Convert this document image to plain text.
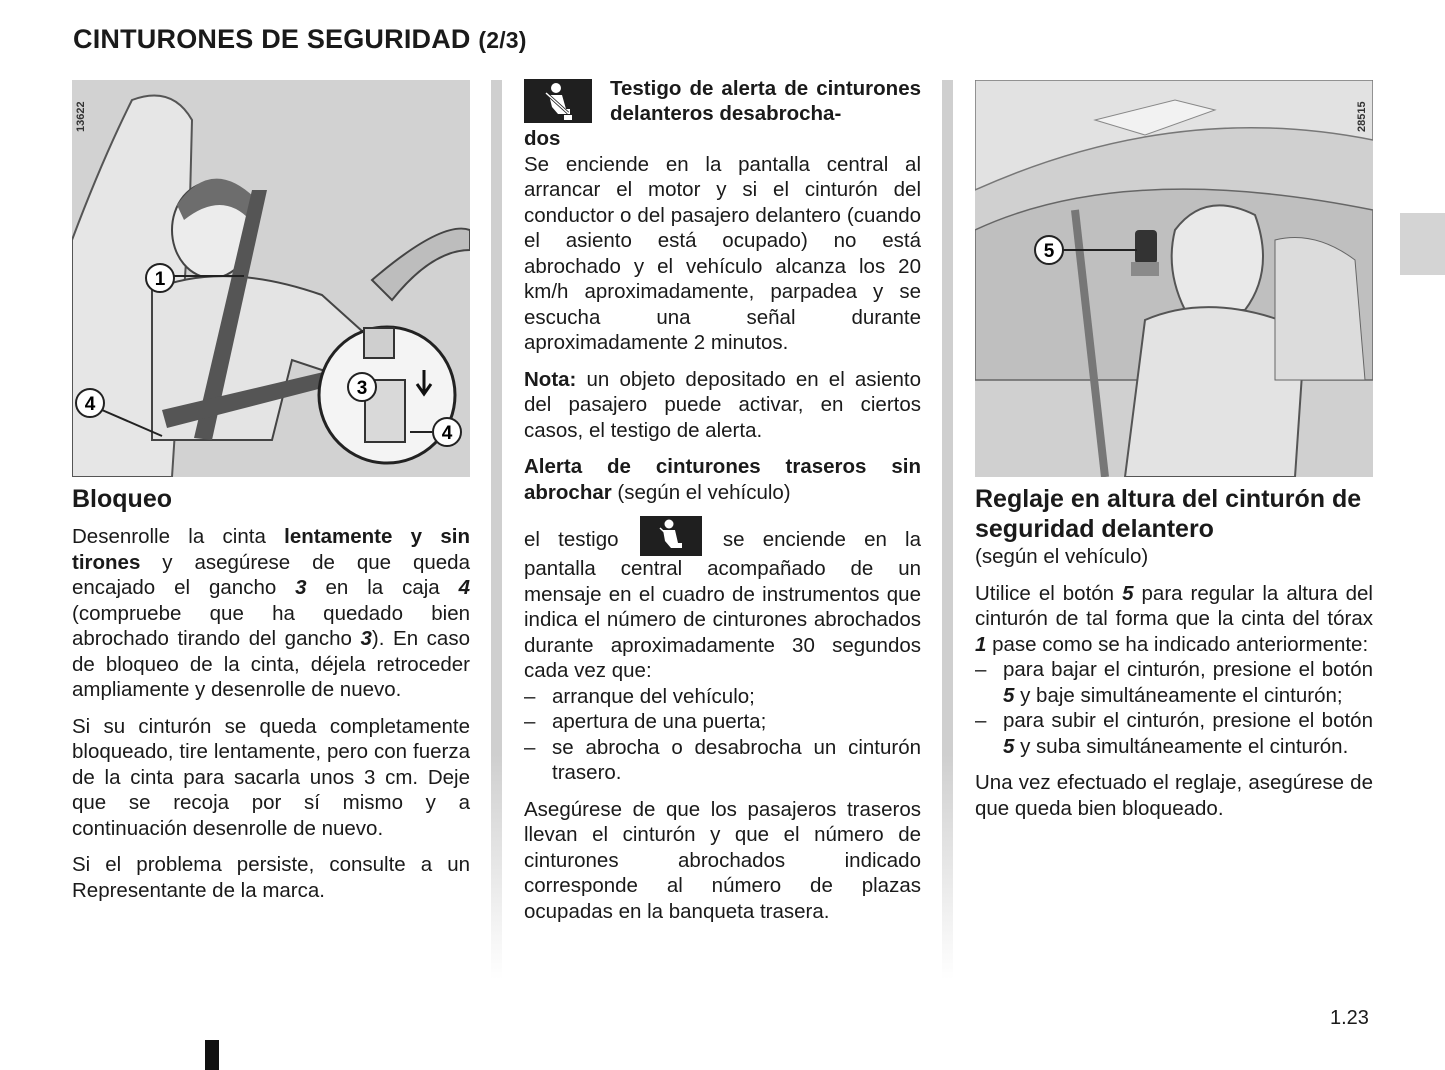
CINTURONES DE SEGURIDAD (2/3)
1
3
4
4
13622
Bloqueo

Desenrolle la cinta lentamente y sin tirones y asegúrese de que queda encajado el gancho 3 en la caja 4 (compruebe que ha quedado bien abrochado tirando del gancho 3). En caso de bloqueo de la cinta, déjela retroceder ampliamente y desenrolle de nuevo.

Si su cinturón se queda completamente bloqueado, tire lentamente, pero con fuerza de la cinta para sacarla unos 3 cm. Deje que se recoja por sí mismo y a continuación desenrolle de nuevo.

Si el problema persiste, consulte a un Representante de la marca.

Testigo de alerta de cinturones delanteros desabrocha-
dos

Se enciende en la pantalla central al arrancar el motor y si el cinturón del conductor o del pasajero delantero (cuando el asiento está ocupado) no está abrochado y el vehículo alcanza los 20 km/h aproximadamente, parpadea y se escucha una señal durante aproximadamente 2 minutos.

Nota: un objeto depositado en el asiento del pasajero puede activar, en ciertos casos, el testigo de alerta.

Alerta de cinturones traseros sin abrochar (según el vehículo)

el testigo	se enciende en la pantalla central acompañado de un mensaje en el cuadro de instrumentos que indica el número de cinturones abrochados durante aproximadamente 30 segundos cada vez que:

– arranque del vehículo;
– apertura de una puerta;
– se abrocha o desabrocha un cinturón trasero.

Asegúrese de que los pasajeros traseros llevan el cinturón y que el número de cinturones abrochados indicado corresponde al número de plazas ocupadas en la banqueta trasera.

5
28515
Reglaje en altura del cinturón de seguridad delantero

(según el vehículo)

Utilice el botón 5 para regular la altura del cinturón de tal forma que la cinta del tórax 1 pase como se ha indicado anteriormente:

– para bajar el cinturón, presione el botón 5 y baje simultáneamente el cinturón;
– para subir el cinturón, presione el botón 5 y suba simultáneamente el cinturón.

Una vez efectuado el reglaje, asegúrese de que queda bien bloqueado.

1.23
